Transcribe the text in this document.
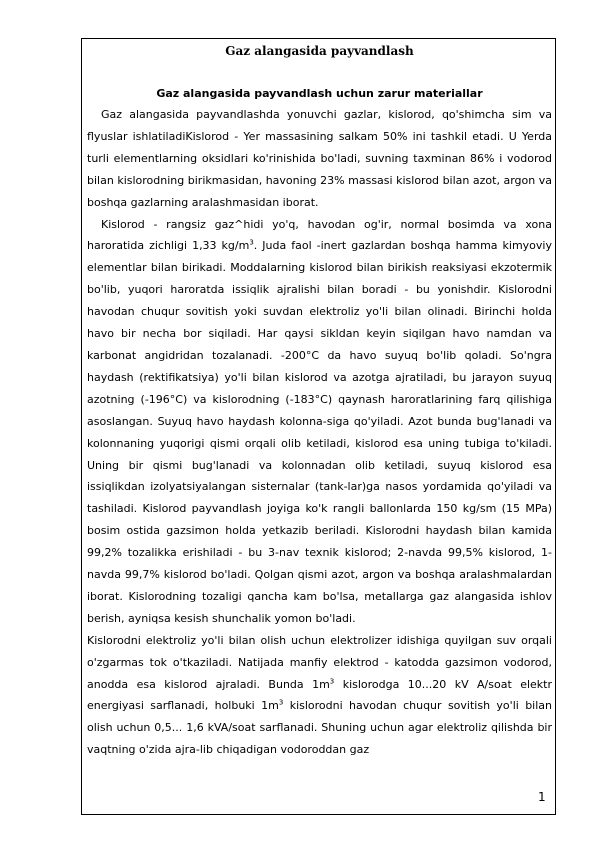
Gaz alangasida payvandlash
Gaz alangasida payvandlash uchun zarur materiallar

Gaz alangasida payvandlashda yonuvchi gazlar, kislorod, qo'shimcha sim va flyuslar ishlatiladiKislorod - Yer massasining salkam 50% ini tashkil etadi. U Yerda turli elementlarning oksidlari ko'rinishida bo'ladi, suvning taxminan 86% i vodorod bilan kislorodning birikmasidan, havoning 23% massasi kislorod bilan azot, argon va boshqa gazlarning aralashmasidan iborat.

Kislorod - rangsiz gaz^hidi yo'q, havodan og'ir, normal bosimda va xona haroratida zichligi 1,33 $kg/m^3$. Juda faol -inert gazlardan boshqa hamma kimyoviy elementlar bilan birikadi. Moddalarning kislorod bilan birikish reaksiyasi ekzotermik bo'lib, yuqori haroratda issiqlik ajralishi bilan boradi - bu yonishdir. Kislorodni havodan chuqur sovitish yoki suvdan elektroliz yo'li bilan olinadi. Birinchi holda havo bir necha bor siqiladi. Har qaysi sikldan keyin siqilgan havo namdan va karbonat angidridan tozalanadi. -200°C da havo suyuq bo'lib qoladi. So'ngra haydash (rektifikatsiya) yo'li bilan kislorod va azotga ajratiladi, bu jarayon suyuq azotning (-196°C) va kislorodning (-183°C) qaynash haroratlarining farq qilishiga asoslangan. Suyuq havo haydash kolonna-siga qo'yiladi. Azot bunda bug'lanadi va kolonnaning yuqorigi qismi orqali olib ketiladi, kislorod esa uning tubiga to'kiladi. Uning bir qismi bug'lanadi va kolonnadan olib ketiladi, suyuq kislorod esa issiqlikdan izolyatsiyalangan sisternalar (tank-lar)ga nasos yordamida qo'yiladi va tashiladi. Kislorod payvandlash joyiga ko'k rangli ballonlarda 150 kg/sm (15 MPa) bosim ostida gazsimon holda yetkazib beriladi. Kislorodni haydash bilan kamida 99,2% tozalikka erishiladi - bu 3-nav texnik kislorod; 2-navda 99,5% kislorod, 1-navda 99,7% kislorod bo'ladi. Qolgan qismi azot, argon va boshqa aralashmalardan iborat. Kislorodning tozaligi qancha kam bo'lsa, metallarga gaz alangasida ishlov berish, ayniqsa kesish shunchalik yomon bo'ladi.

Kislorodni elektroliz yo'li bilan olish uchun elektrolizer idishiga quyilgan suv orqali o'zgarmas tok o'tkaziladi. Natijada manfiy elektrod - katodda gazsimon vodorod, anodda esa kislorod ajraladi. Bunda $1m^3$ kislorodga 10...20 kV A/soat elektr energiyasi sarflanadi, holbuki $1m^3$ kislorodni havodan chuqur sovitish yo'li bilan olish uchun 0,5... 1,6 kVA/soat sarflanadi. Shuning uchun agar elektroliz qilishda bir vaqtning o'zida ajra-lib chiqadigan vodoroddan gaz

1
